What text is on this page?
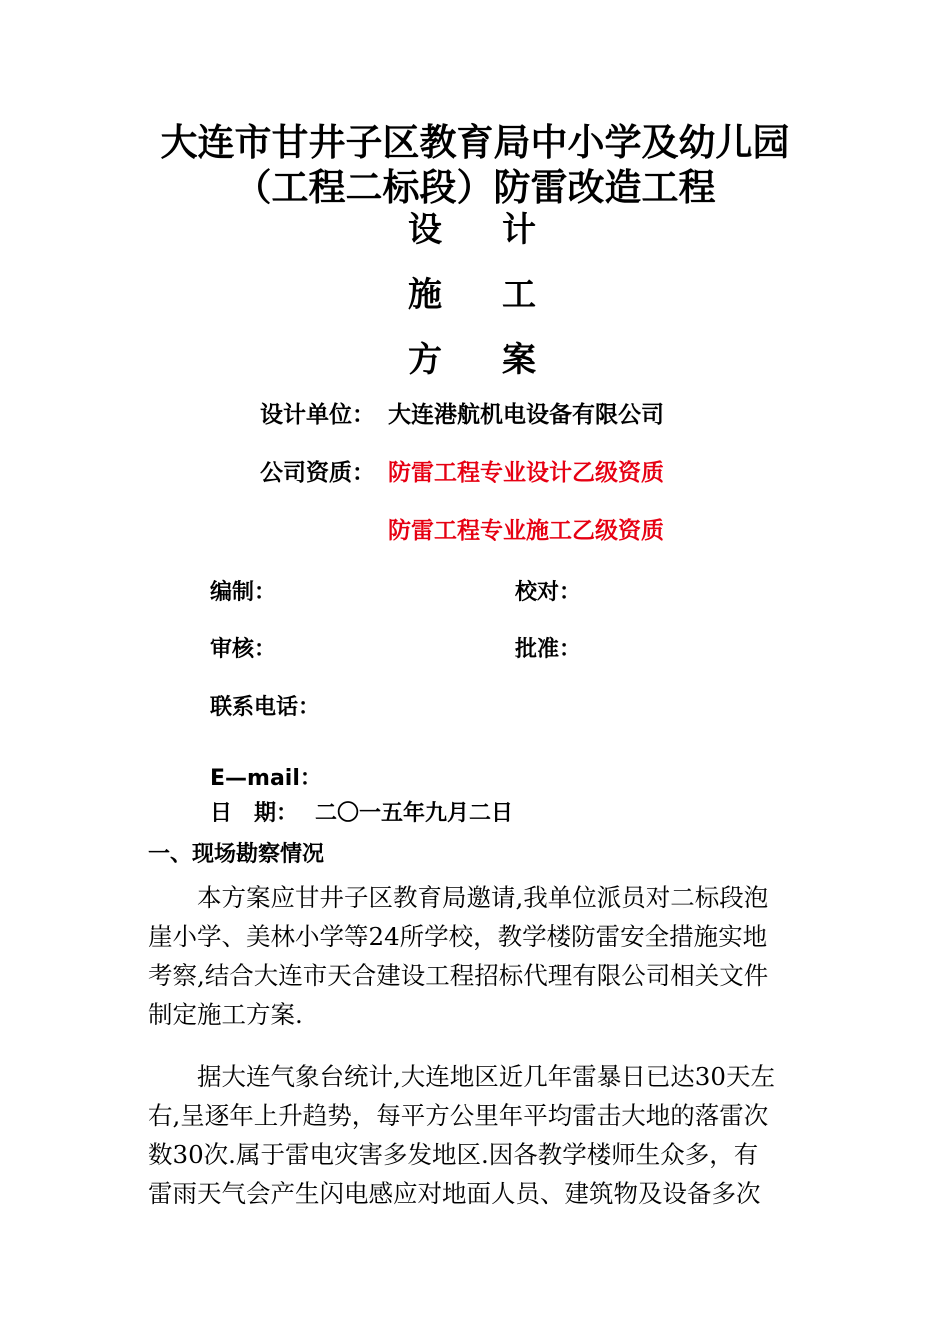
大连市甘井子区教育局中小学及幼儿园
（工程二标段）防雷改造工程
设 计
施 工
方 案
设计单位： 大连港航机电设备有限公司
公司资质： 防雷工程专业设计乙级资质
防雷工程专业施工乙级资质
编制：	校对：
审核：	批准：
联系电话：
E—mail：
日　期： 二〇一五年九月二日
一、现场勘察情况
本方案应甘井子区教育局邀请,我单位派员对二标段泡
崖小学、美林小学等24所学校，教学楼防雷安全措施实地
考察,结合大连市天合建设工程招标代理有限公司相关文件
制定施工方案.
据大连气象台统计,大连地区近几年雷暴日已达30天左
右,呈逐年上升趋势，每平方公里年平均雷击大地的落雷次
数30次.属于雷电灾害多发地区.因各教学楼师生众多，有
雷雨天气会产生闪电感应对地面人员、建筑物及设备多次
